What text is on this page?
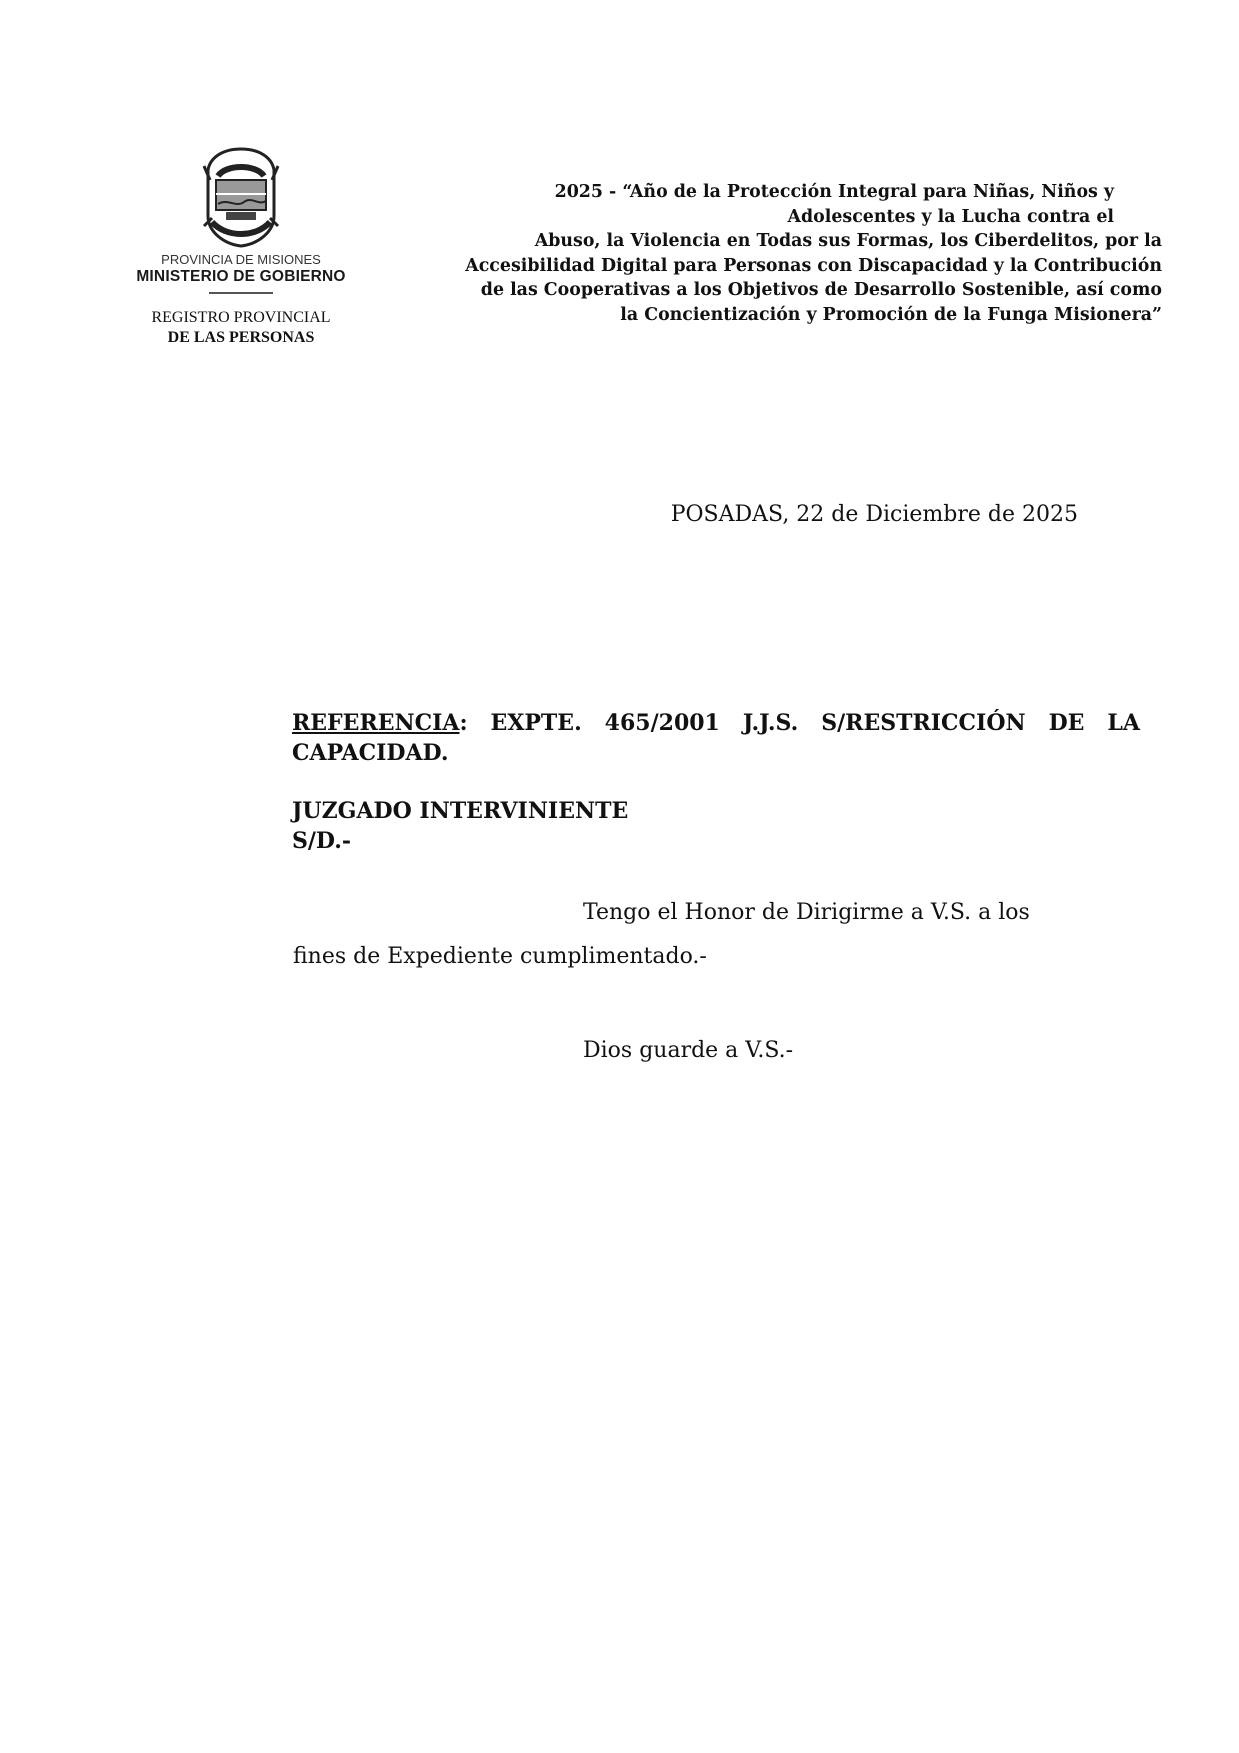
PROVINCIA DE MISIONES
MINISTERIO DE GOBIERNO
REGISTRO PROVINCIAL
DE LAS PERSONAS
2025 - “Año de la Protección Integral para Niñas, Niños y
Adolescentes y la Lucha contra el
Abuso, la Violencia en Todas sus Formas, los Ciberdelitos, por la
Accesibilidad Digital para Personas con Discapacidad y la Contribución
de las Cooperativas a los Objetivos de Desarrollo Sostenible, así como
la Concientización y Promoción de la Funga Misionera”
POSADAS, 22 de Diciembre de 2025
REFERENCIA: EXPTE. 465/2001 J.J.S. S/RESTRICCIÓN DE LA
CAPACIDAD.
JUZGADO INTERVINIENTE
S/D.-
Tengo el Honor de Dirigirme a V.S. a los
fines de Expediente cumplimentado.-
Dios guarde a V.S.-
